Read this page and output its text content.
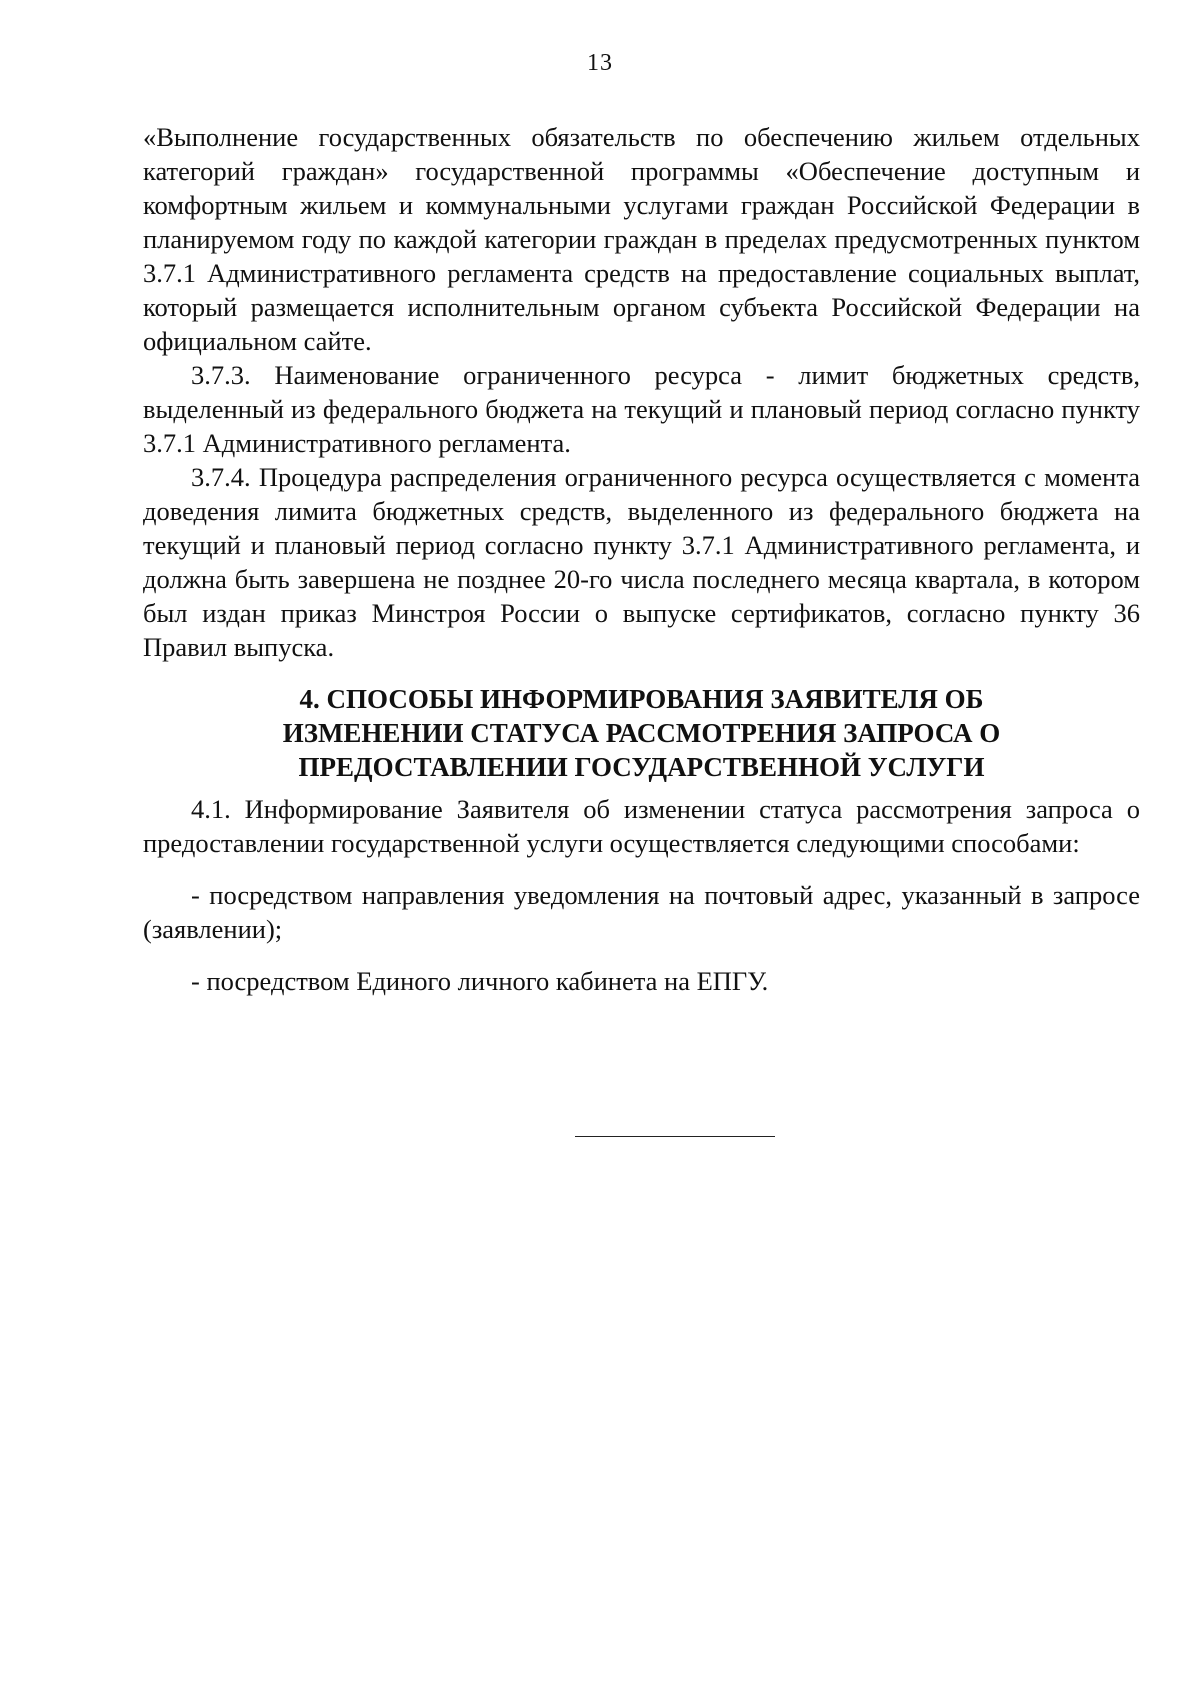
13

«Выполнение государственных обязательств по обеспечению жильем отдельных категорий граждан» государственной программы «Обеспечение доступным и комфортным жильем и коммунальными услугами граждан Российской Федерации в планируемом году по каждой категории граждан в пределах предусмотренных пунктом 3.7.1 Административного регламента средств на предоставление социальных выплат, который размещается исполнительным органом субъекта Российской Федерации на официальном сайте.

3.7.3. Наименование ограниченного ресурса - лимит бюджетных средств, выделенный из федерального бюджета на текущий и плановый период согласно пункту 3.7.1 Административного регламента.

3.7.4. Процедура распределения ограниченного ресурса осуществляется с момента доведения лимита бюджетных средств, выделенного из федерального бюджета на текущий и плановый период согласно пункту 3.7.1 Административного регламента, и должна быть завершена не позднее 20-го числа последнего месяца квартала, в котором был издан приказ Минстроя России о выпуске сертификатов, согласно пункту 36 Правил выпуска.

4. СПОСОБЫ ИНФОРМИРОВАНИЯ ЗАЯВИТЕЛЯ ОБ
ИЗМЕНЕНИИ СТАТУСА РАССМОТРЕНИЯ ЗАПРОСА О
ПРЕДОСТАВЛЕНИИ ГОСУДАРСТВЕННОЙ УСЛУГИ

4.1. Информирование Заявителя об изменении статуса рассмотрения запроса о предоставлении государственной услуги осуществляется следующими способами:

- посредством направления уведомления на почтовый адрес, указанный в запросе (заявлении);

- посредством Единого личного кабинета на ЕПГУ.
